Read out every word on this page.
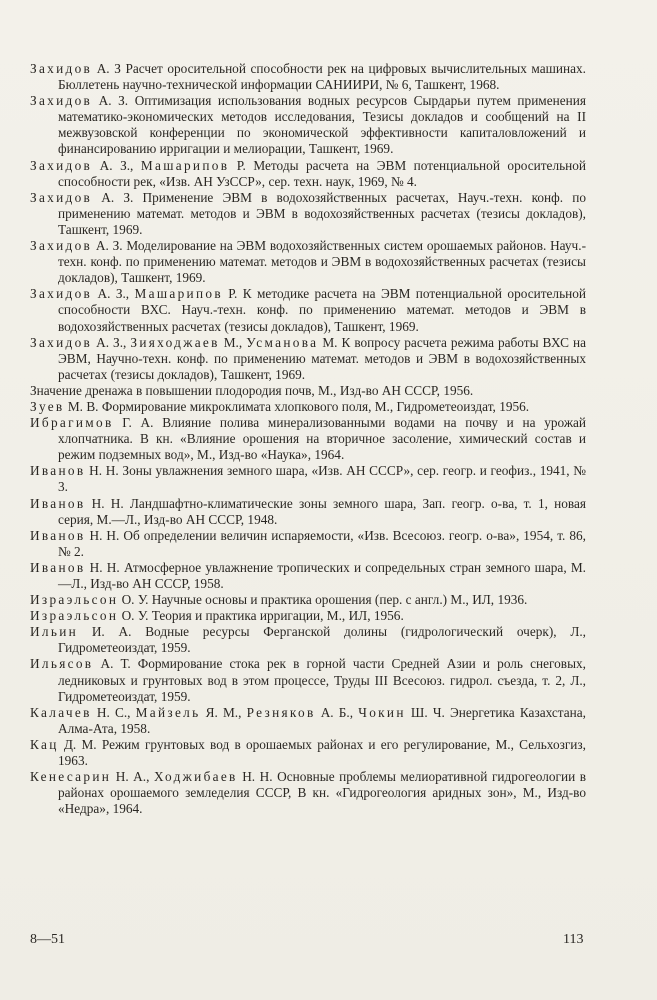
Захидов А. З Расчет оросительной способности рек на цифровых вычислительных машинах. Бюллетень научно-технической информации САНИИРИ, № 6, Ташкент, 1968.

Захидов А. З. Оптимизация использования водных ресурсов Сырдарьи путем применения математико-экономических методов исследования, Тезисы докладов и сообщений на II межвузовской конференции по экономической эффективности капиталовложений и финансированию ирригации и мелиорации, Ташкент, 1969.

Захидов А. З., Машарипов Р. Методы расчета на ЭВМ потенциальной оросительной способности рек, «Изв. АН УзССР», сер. техн. наук, 1969, № 4.

Захидов А. З. Применение ЭВМ в водохозяйственных расчетах, Науч.-техн. конф. по применению математ. методов и ЭВМ в водохозяйственных расчетах (тезисы докладов), Ташкент, 1969.

Захидов А. З. Моделирование на ЭВМ водохозяйственных систем орошаемых районов. Науч.-техн. конф. по применению математ. методов и ЭВМ в водохозяйственных расчетах (тезисы докладов), Ташкент, 1969.

Захидов А. З., Машарипов Р. К методике расчета на ЭВМ потенциальной оросительной способности ВХС. Науч.-техн. конф. по применению математ. методов и ЭВМ в водохозяйственных расчетах (тезисы докладов), Ташкент, 1969.

Захидов А. З., Зияходжаев М., Усманова М. К вопросу расчета режима работы ВХС на ЭВМ, Научно-техн. конф. по применению математ. методов и ЭВМ в водохозяйственных расчетах (тезисы докладов), Ташкент, 1969.

Значение дренажа в повышении плодородия почв, М., Изд-во АН СССР, 1956.

Зуев М. В. Формирование микроклимата хлопкового поля, М., Гидрометеоиздат, 1956.

Ибрагимов Г. А. Влияние полива минерализованными водами на почву и на урожай хлопчатника. В кн. «Влияние орошения на вторичное засоление, химический состав и режим подземных вод», М., Изд-во «Наука», 1964.

Иванов Н. Н. Зоны увлажнения земного шара, «Изв. АН СССР», сер. геогр. и геофиз., 1941, № 3.

Иванов Н. Н. Ландшафтно-климатические зоны земного шара, Зап. геогр. о-ва, т. 1, новая серия, М.—Л., Изд-во АН СССР, 1948.

Иванов Н. Н. Об определении величин испаряемости, «Изв. Всесоюз. геогр. о-ва», 1954, т. 86, № 2.

Иванов Н. Н. Атмосферное увлажнение тропических и сопредельных стран земного шара, М.—Л., Изд-во АН СССР, 1958.

Израэльсон О. У. Научные основы и практика орошения (пер. с англ.) М., ИЛ, 1936.

Израэльсон О. У. Теория и практика ирригации, М., ИЛ, 1956.

Ильин И. А. Водные ресурсы Ферганской долины (гидрологический очерк), Л., Гидрометеоиздат, 1959.

Ильясов А. Т. Формирование стока рек в горной части Средней Азии и роль снеговых, ледниковых и грунтовых вод в этом процессе, Труды III Всесоюз. гидрол. съезда, т. 2, Л., Гидрометеоиздат, 1959.

Калачев Н. С., Майзель Я. М., Резняков А. Б., Чокин Ш. Ч. Энергетика Казахстана, Алма-Ата, 1958.

Кац Д. М. Режим грунтовых вод в орошаемых районах и его регулирование, М., Сельхозгиз, 1963.

Кенесарин Н. А., Ходжибаев Н. Н. Основные проблемы мелиоративной гидрогеологии в районах орошаемого земледелия СССР, В кн. «Гидрогеология аридных зон», М., Изд-во «Недра», 1964.

8—51	113
